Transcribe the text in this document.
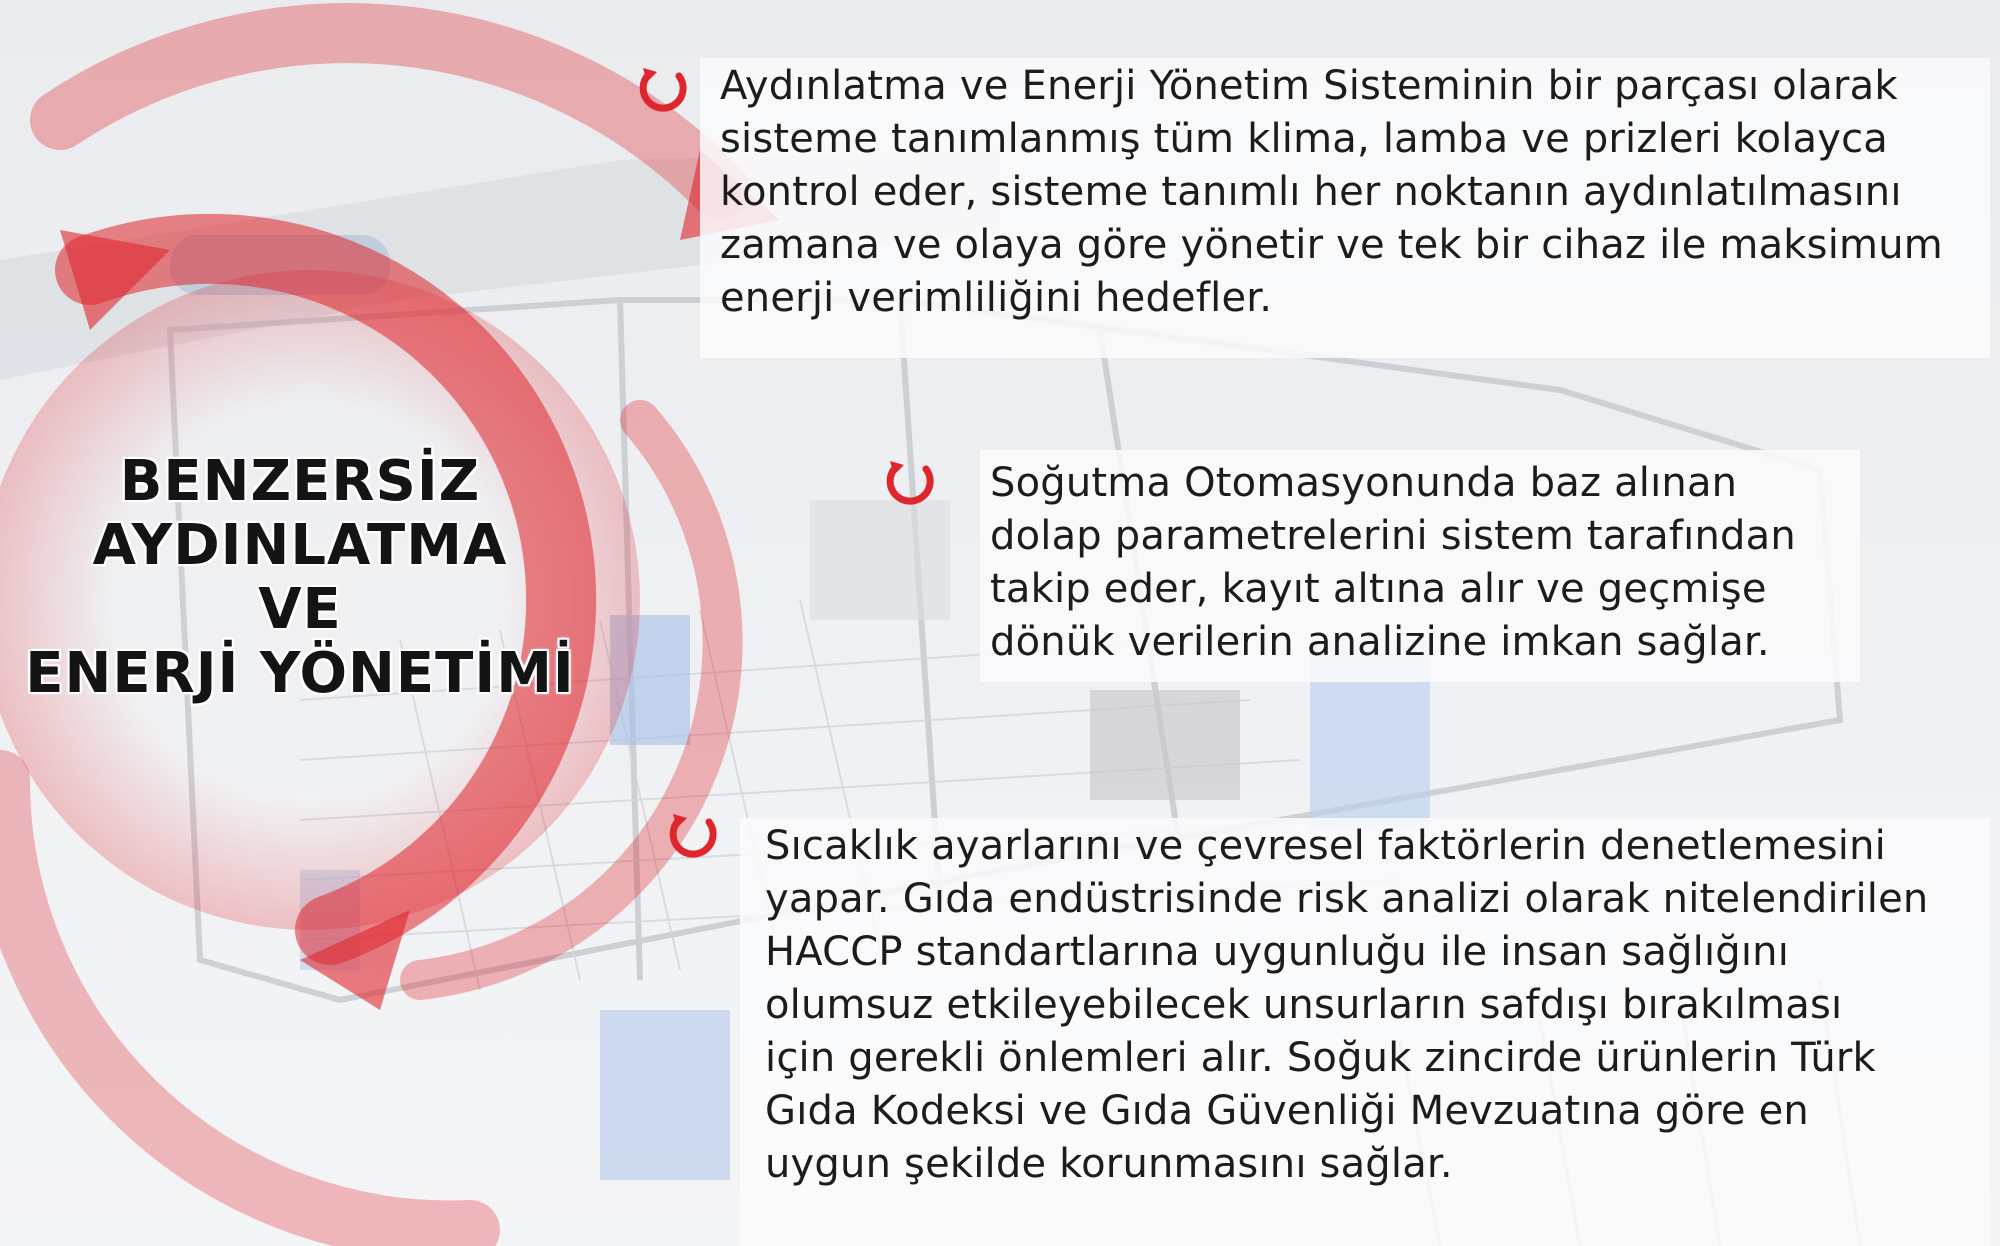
Aydınlatma ve Enerji Yönetim Sisteminin bir parçası olarak
sisteme tanımlanmış tüm klima, lamba ve prizleri kolayca
kontrol eder, sisteme tanımlı her noktanın aydınlatılmasını
zamana ve olaya göre yönetir ve tek bir cihaz ile maksimum
enerji verimliliğini hedefler.
Soğutma Otomasyonunda baz alınan
dolap parametrelerini sistem tarafından
takip eder, kayıt altına alır ve geçmişe
dönük verilerin analizine imkan sağlar.
Sıcaklık ayarlarını ve çevresel faktörlerin denetlemesini
yapar. Gıda endüstrisinde risk analizi olarak nitelendirilen
HACCP standartlarına uygunluğu ile insan sağlığını
olumsuz etkileyebilecek unsurların safdışı bırakılması
için gerekli önlemleri alır. Soğuk zincirde ürünlerin Türk
Gıda Kodeksi ve Gıda Güvenliği Mevzuatına göre en
uygun şekilde korunmasını sağlar.
BENZERSİZ
AYDINLATMA
VE
ENERJİ YÖNETİMİ
